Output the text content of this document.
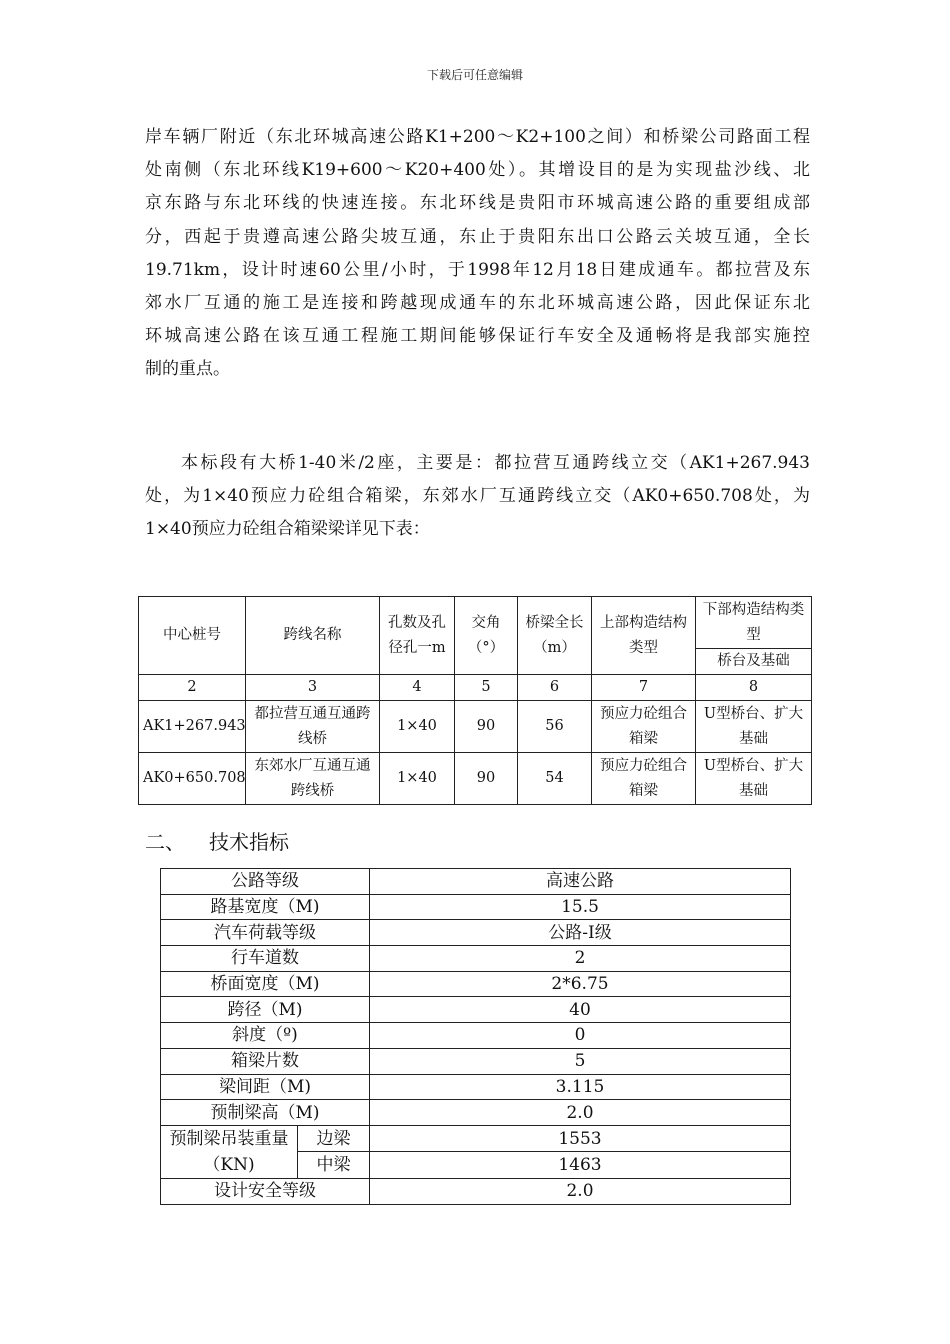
下载后可任意编辑
岸车辆厂附近（东北环城高速公路K1+200～K2+100之间）和桥梁公司路面工程
处南侧（东北环线K19+600～K20+400处）。其增设目的是为实现盐沙线、北
京东路与东北环线的快速连接。东北环线是贵阳市环城高速公路的重要组成部
分，西起于贵遵高速公路尖坡互通，东止于贵阳东出口公路云关坡互通，全长
19.71km，设计时速60公里/小时，于1998年12月18日建成通车。都拉营及东
郊水厂互通的施工是连接和跨越现成通车的东北环城高速公路，因此保证东北
环城高速公路在该互通工程施工期间能够保证行车安全及通畅将是我部实施控
制的重点。
本标段有大桥1-40米/2座，主要是：都拉营互通跨线立交（AK1+267.943
处，为1×40预应力砼组合箱梁，东郊水厂互通跨线立交（AK0+650.708处，为
1×40预应力砼组合箱梁梁详见下表：
中心桩号	跨线名称	孔数及孔径孔一m	交角（°）	桥梁全长（m）	上部构造结构类型	下部构造结构类型
						桥台及基础
2	3	4	5	6	7	8
AK1+267.943	都拉营互通互通跨线桥	1×40	90	56	预应力砼组合箱梁	U型桥台、扩大基础
AK0+650.708	东郊水厂互通互通跨线桥	1×40	90	54	预应力砼组合箱梁	U型桥台、扩大基础
二、 技术指标
公路等级		高速公路
路基宽度（M)		15.5
汽车荷载等级		公路-Ⅰ级
行车道数		2
桥面宽度（M)		2*6.75
跨径（M)		40
斜度（º)		0
箱梁片数		5
梁间距（M)		3.115
预制梁高（M)		2.0
预制梁吊装重量（KN)	边梁	1553
	中梁	1463
设计安全等级		2.0
